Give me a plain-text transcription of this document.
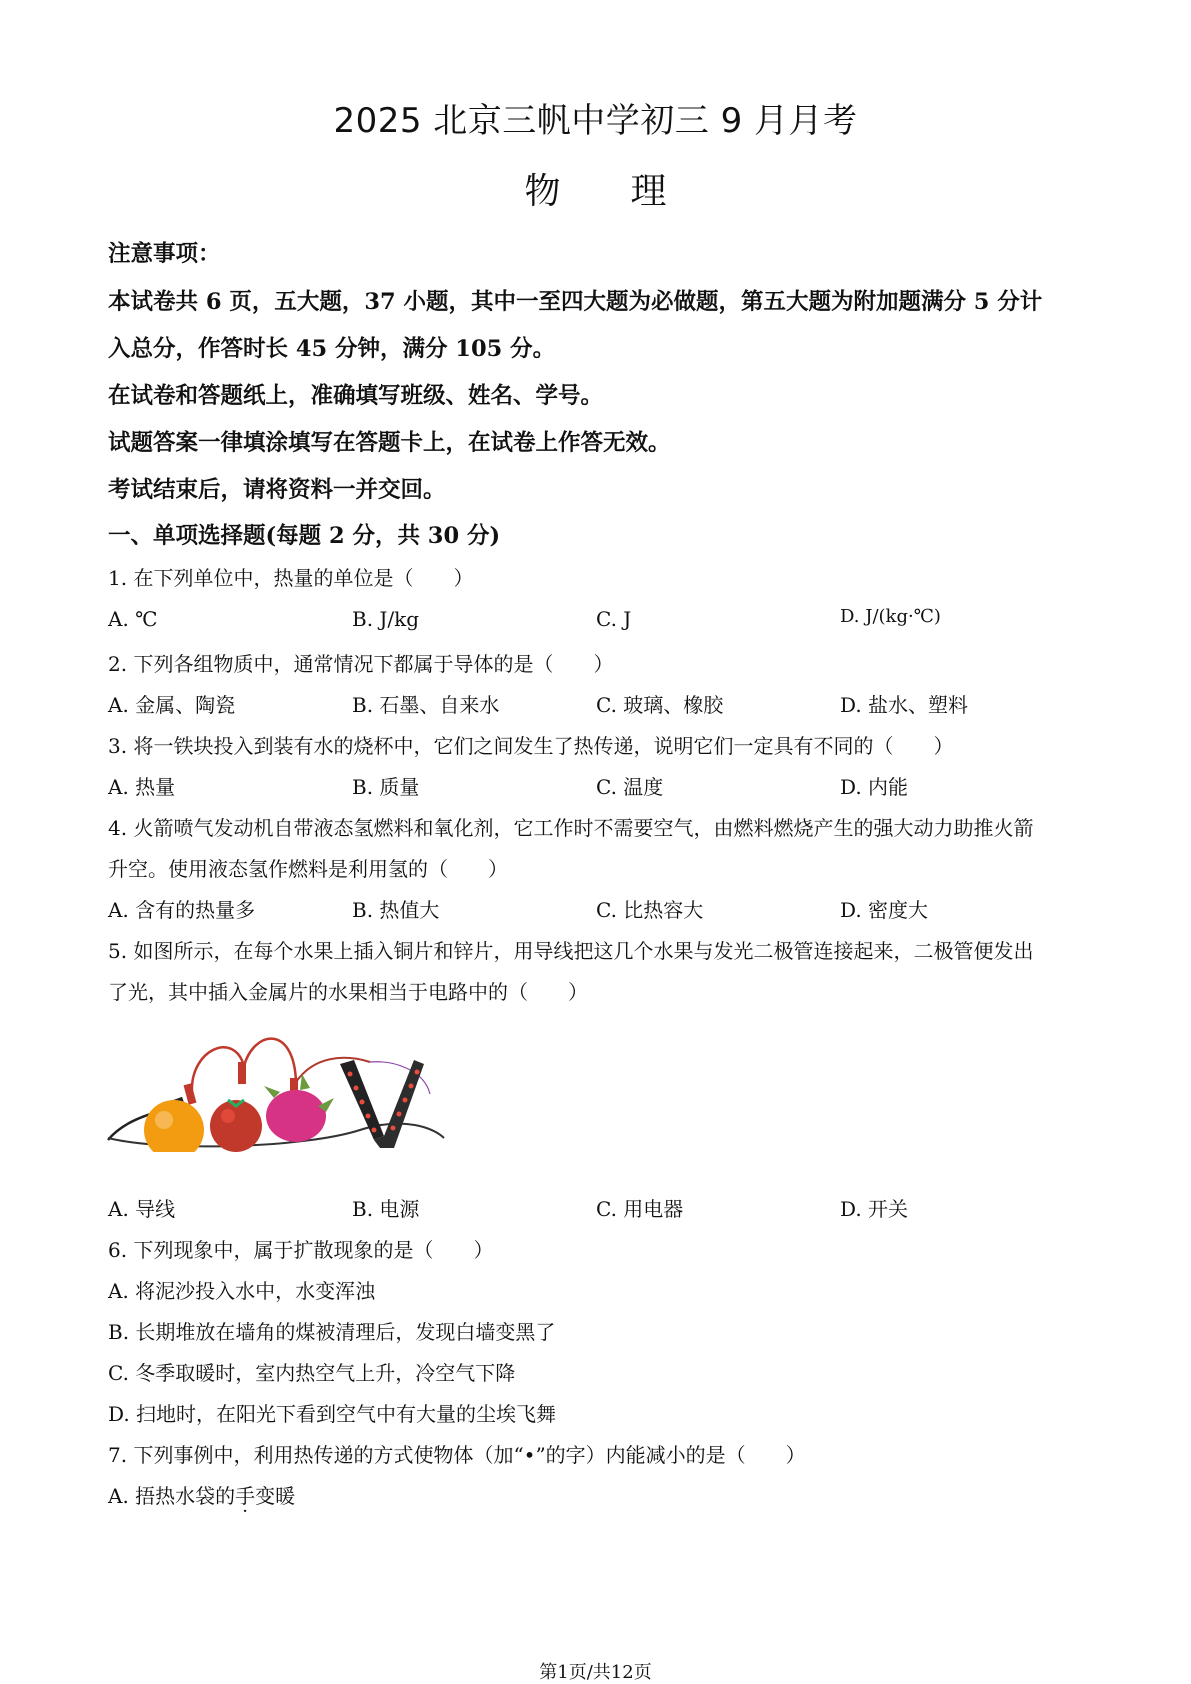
2025 北京三帆中学初三 9 月月考
物 理
注意事项：
本试卷共 6 页，五大题，37 小题，其中一至四大题为必做题，第五大题为附加题满分 5 分计
入总分，作答时长 45 分钟，满分 105 分。
在试卷和答题纸上，准确填写班级、姓名、学号。
试题答案一律填涂填写在答题卡上，在试卷上作答无效。
考试结束后，请将资料一并交回。
一、单项选择题(每题 2 分，共 30 分)
1. 在下列单位中，热量的单位是（　　）
A. ℃	B. J/kg	C. J	D. J/(kg·℃)
2. 下列各组物质中，通常情况下都属于导体的是（　　）
A. 金属、陶瓷	B. 石墨、自来水	C. 玻璃、橡胶	D. 盐水、塑料
3. 将一铁块投入到装有水的烧杯中，它们之间发生了热传递，说明它们一定具有不同的（　　）
A. 热量	B. 质量	C. 温度	D. 内能
4. 火箭喷气发动机自带液态氢燃料和氧化剂，它工作时不需要空气，由燃料燃烧产生的强大动力助推火箭
升空。使用液态氢作燃料是利用氢的（　　）
A. 含有的热量多	B. 热值大	C. 比热容大	D. 密度大
5. 如图所示，在每个水果上插入铜片和锌片，用导线把这几个水果与发光二极管连接起来，二极管便发出
了光，其中插入金属片的水果相当于电路中的（　　）
A. 导线	B. 电源	C. 用电器	D. 开关
6. 下列现象中，属于扩散现象的是（　　）
A. 将泥沙投入水中，水变浑浊
B. 长期堆放在墙角的煤被清理后，发现白墙变黑了
C. 冬季取暖时，室内热空气上升，冷空气下降
D. 扫地时，在阳光下看到空气中有大量的尘埃飞舞
7. 下列事例中，利用热传递的方式使物体（加“•”的字）内能减小的是（　　）
A. 捂热水袋的手变暖
第1页/共12页
